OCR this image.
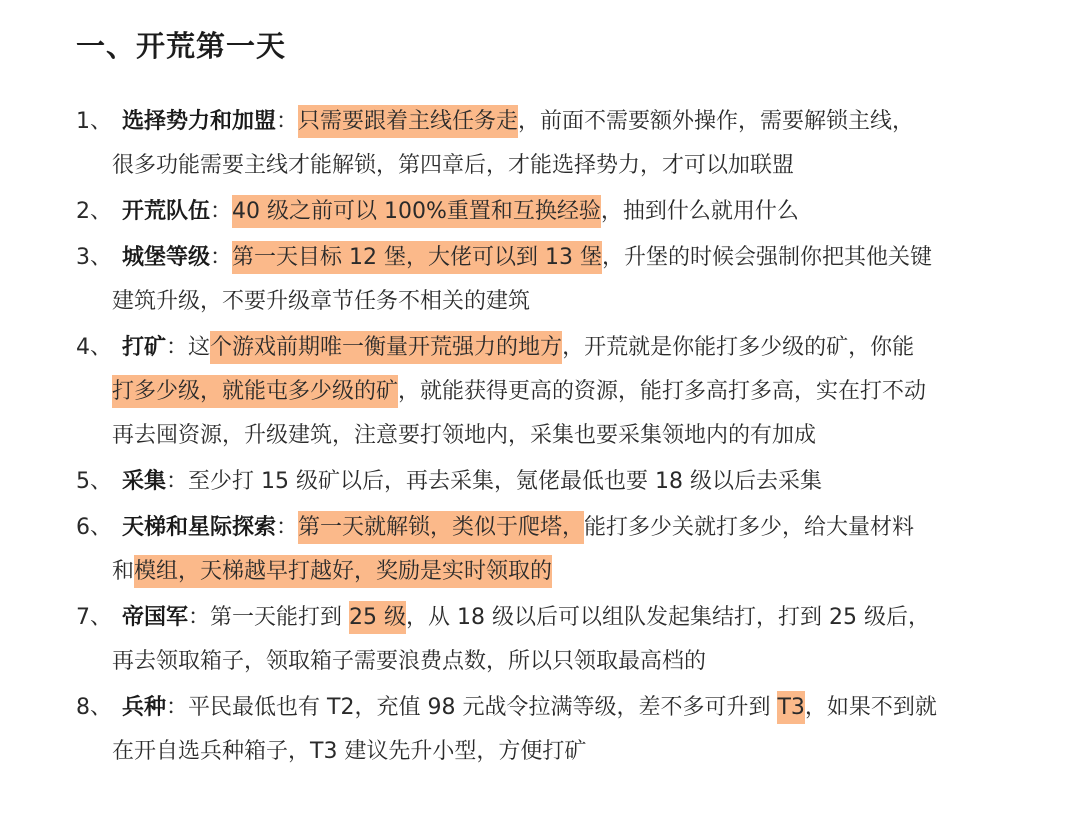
一、开荒第一天
1、 选择势力和加盟：只需要跟着主线任务走，前面不需要额外操作，需要解锁主线，
很多功能需要主线才能解锁，第四章后，才能选择势力，才可以加联盟
2、 开荒队伍：40 级之前可以 100%重置和互换经验，抽到什么就用什么
3、 城堡等级：第一天目标 12 堡，大佬可以到 13 堡，升堡的时候会强制你把其他关键
建筑升级，不要升级章节任务不相关的建筑
4、 打矿：这个游戏前期唯一衡量开荒强力的地方，开荒就是你能打多少级的矿，你能
打多少级，就能屯多少级的矿，就能获得更高的资源，能打多高打多高，实在打不动
再去囤资源，升级建筑，注意要打领地内，采集也要采集领地内的有加成
5、 采集：至少打 15 级矿以后，再去采集，氪佬最低也要 18 级以后去采集
6、 天梯和星际探索：第一天就解锁，类似于爬塔，能打多少关就打多少，给大量材料
和模组，天梯越早打越好，奖励是实时领取的
7、 帝国军：第一天能打到 25 级，从 18 级以后可以组队发起集结打，打到 25 级后，
再去领取箱子，领取箱子需要浪费点数，所以只领取最高档的
8、 兵种：平民最低也有 T2，充值 98 元战令拉满等级，差不多可升到 T3，如果不到就
在开自选兵种箱子，T3 建议先升小型，方便打矿
